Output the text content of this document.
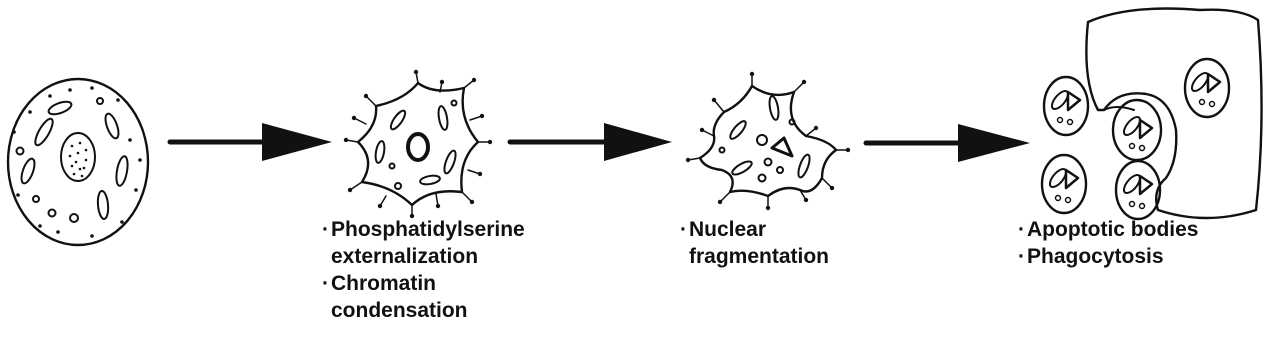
·Phosphatidylserine
externalization
·Chromatin
condensation
·Nuclear
fragmentation
·Apoptotic bodies
·Phagocytosis
